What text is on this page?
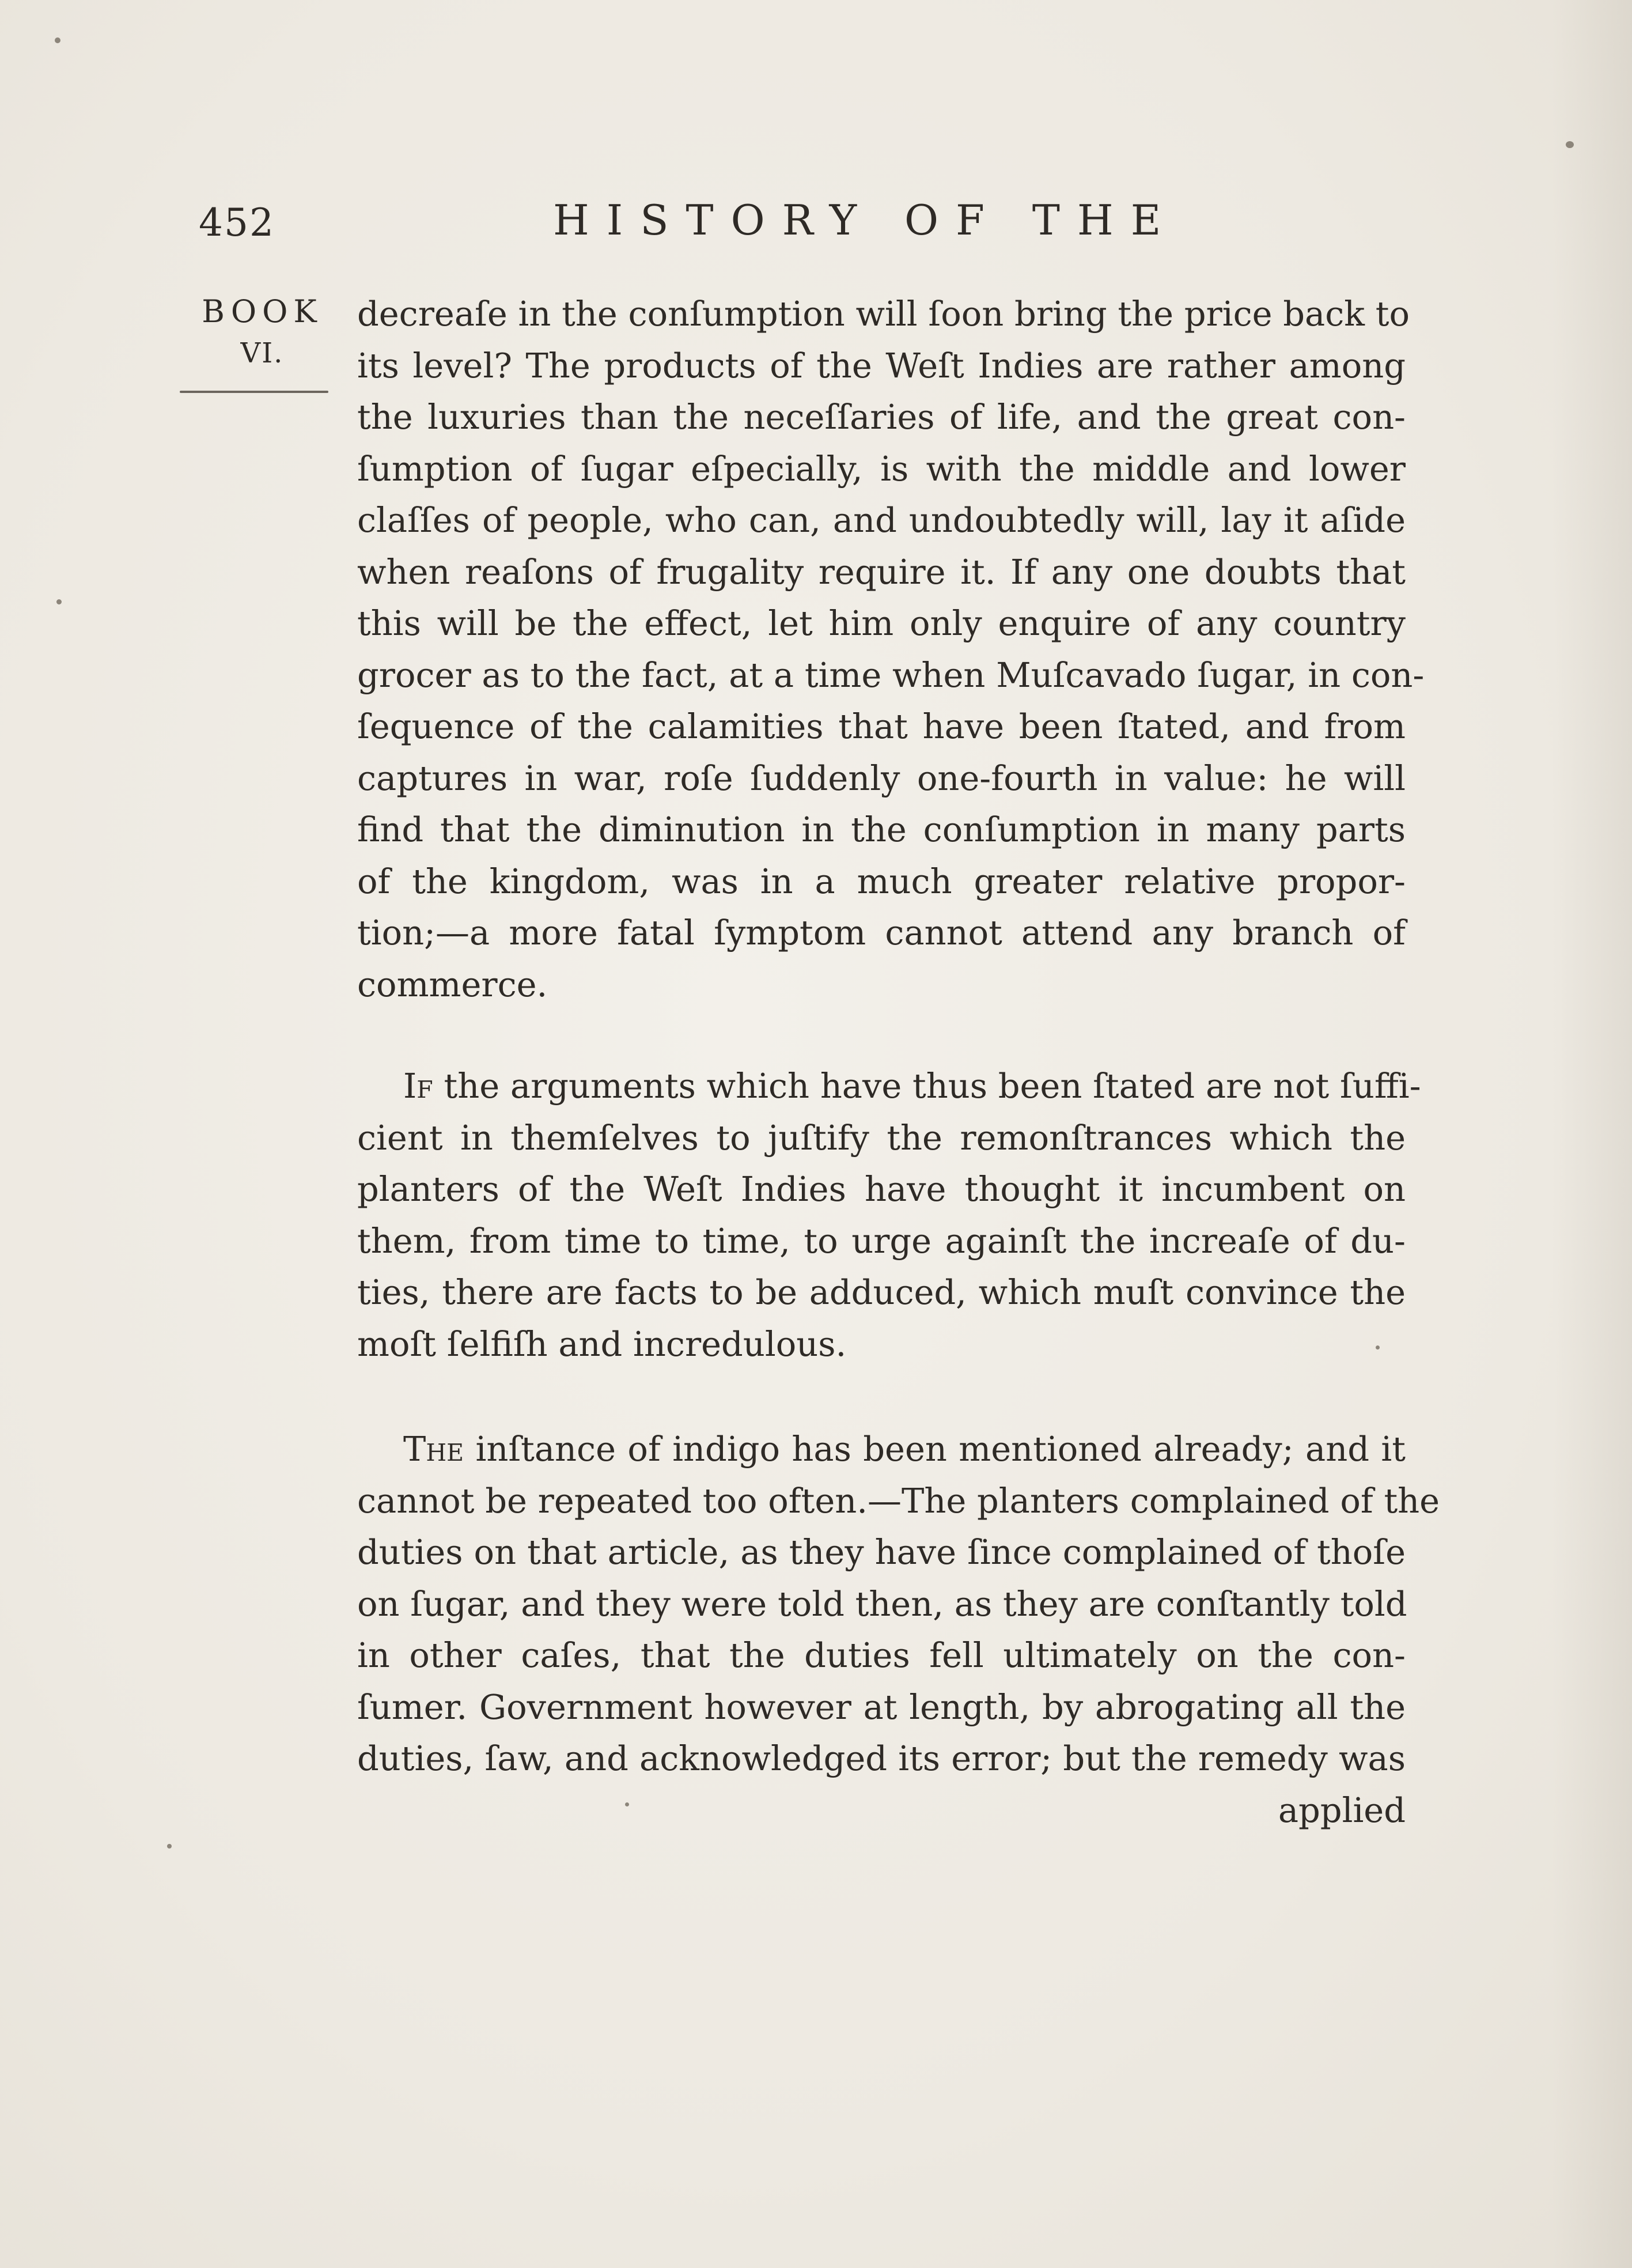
452	HISTORY OF THE
BOOK
VI.
decreaſe in the conſumption will ſoon bring the price back to
its level? The products of the Weſt Indies are rather among
the luxuries than the neceſſaries of life, and the great con-
ſumption of ſugar eſpecially, is with the middle and lower
claſſes of people, who can, and undoubtedly will, lay it aſide
when reaſons of frugality require it. If any one doubts that
this will be the effect, let him only enquire of any country
grocer as to the fact, at a time when Muſcavado ſugar, in con-
ſequence of the calamities that have been ſtated, and from
captures in war, roſe ſuddenly one-fourth in value: he will
find that the diminution in the conſumption in many parts
of the kingdom, was in a much greater relative propor-
tion;—a more fatal ſymptom cannot attend any branch of
commerce.
If the arguments which have thus been ſtated are not ſuffi-
cient in themſelves to juſtify the remonſtrances which the
planters of the Weſt Indies have thought it incumbent on
them, from time to time, to urge againſt the increaſe of du-
ties, there are facts to be adduced, which muſt convince the
moſt ſelfiſh and incredulous.
The inſtance of indigo has been mentioned already; and it
cannot be repeated too often.—The planters complained of the
duties on that article, as they have ſince complained of thoſe
on ſugar, and they were told then, as they are conſtantly told
in other caſes, that the duties fell ultimately on the con-
ſumer. Government however at length, by abrogating all the
duties, ſaw, and acknowledged its error; but the remedy was
applied
